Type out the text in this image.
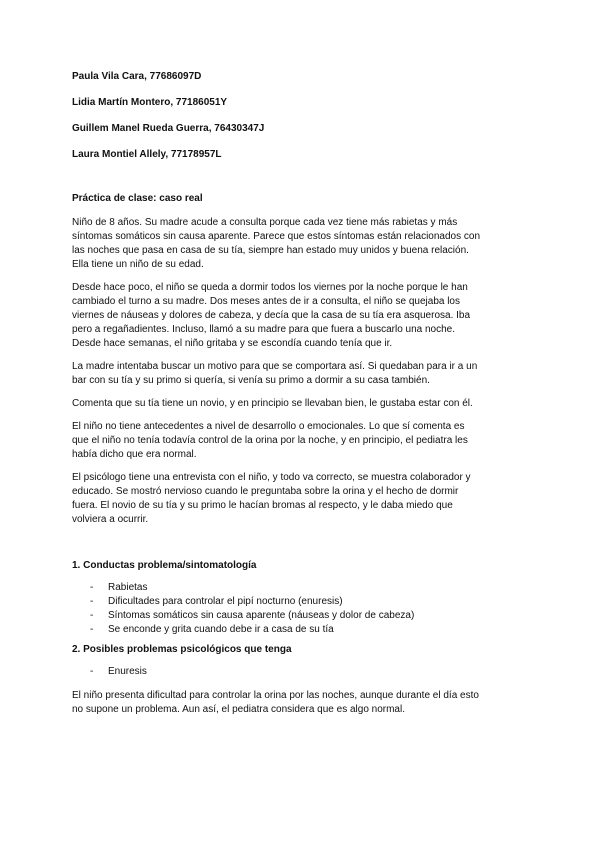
Paula Vila Cara, 77686097D
Lidia Martín Montero, 77186051Y
Guillem Manel Rueda Guerra, 76430347J
Laura Montiel Allely, 77178957L
Práctica de clase: caso real

Niño de 8 años. Su madre acude a consulta porque cada vez tiene más rabietas y más
síntomas somáticos sin causa aparente. Parece que estos síntomas están relacionados con
las noches que pasa en casa de su tía, siempre han estado muy unidos y buena relación.
Ella tiene un niño de su edad.

Desde hace poco, el niño se queda a dormir todos los viernes por la noche porque le han
cambiado el turno a su madre. Dos meses antes de ir a consulta, el niño se quejaba los
viernes de náuseas y dolores de cabeza, y decía que la casa de su tía era asquerosa. Iba
pero a regañadientes. Incluso, llamó a su madre para que fuera a buscarlo una noche.
Desde hace semanas, el niño gritaba y se escondía cuando tenía que ir.

La madre intentaba buscar un motivo para que se comportara así. Si quedaban para ir a un
bar con su tía y su primo si quería, si venía su primo a dormir a su casa también.

Comenta que su tía tiene un novio, y en principio se llevaban bien, le gustaba estar con él.

El niño no tiene antecedentes a nivel de desarrollo o emocionales. Lo que sí comenta es
que el niño no tenía todavía control de la orina por la noche, y en principio, el pediatra les
había dicho que era normal.

El psicólogo tiene una entrevista con el niño, y todo va correcto, se muestra colaborador y
educado. Se mostró nervioso cuando le preguntaba sobre la orina y el hecho de dormir
fuera. El novio de su tía y su primo le hacían bromas al respecto, y le daba miedo que
volviera a ocurrir.

1. Conductas problema/sintomatología
- Rabietas
- Dificultades para controlar el pipí nocturno (enuresis)
- Síntomas somáticos sin causa aparente (náuseas y dolor de cabeza)
- Se enconde y grita cuando debe ir a casa de su tía
2. Posibles problemas psicológicos que tenga
- Enuresis

El niño presenta dificultad para controlar la orina por las noches, aunque durante el día esto
no supone un problema. Aun así, el pediatra considera que es algo normal.
